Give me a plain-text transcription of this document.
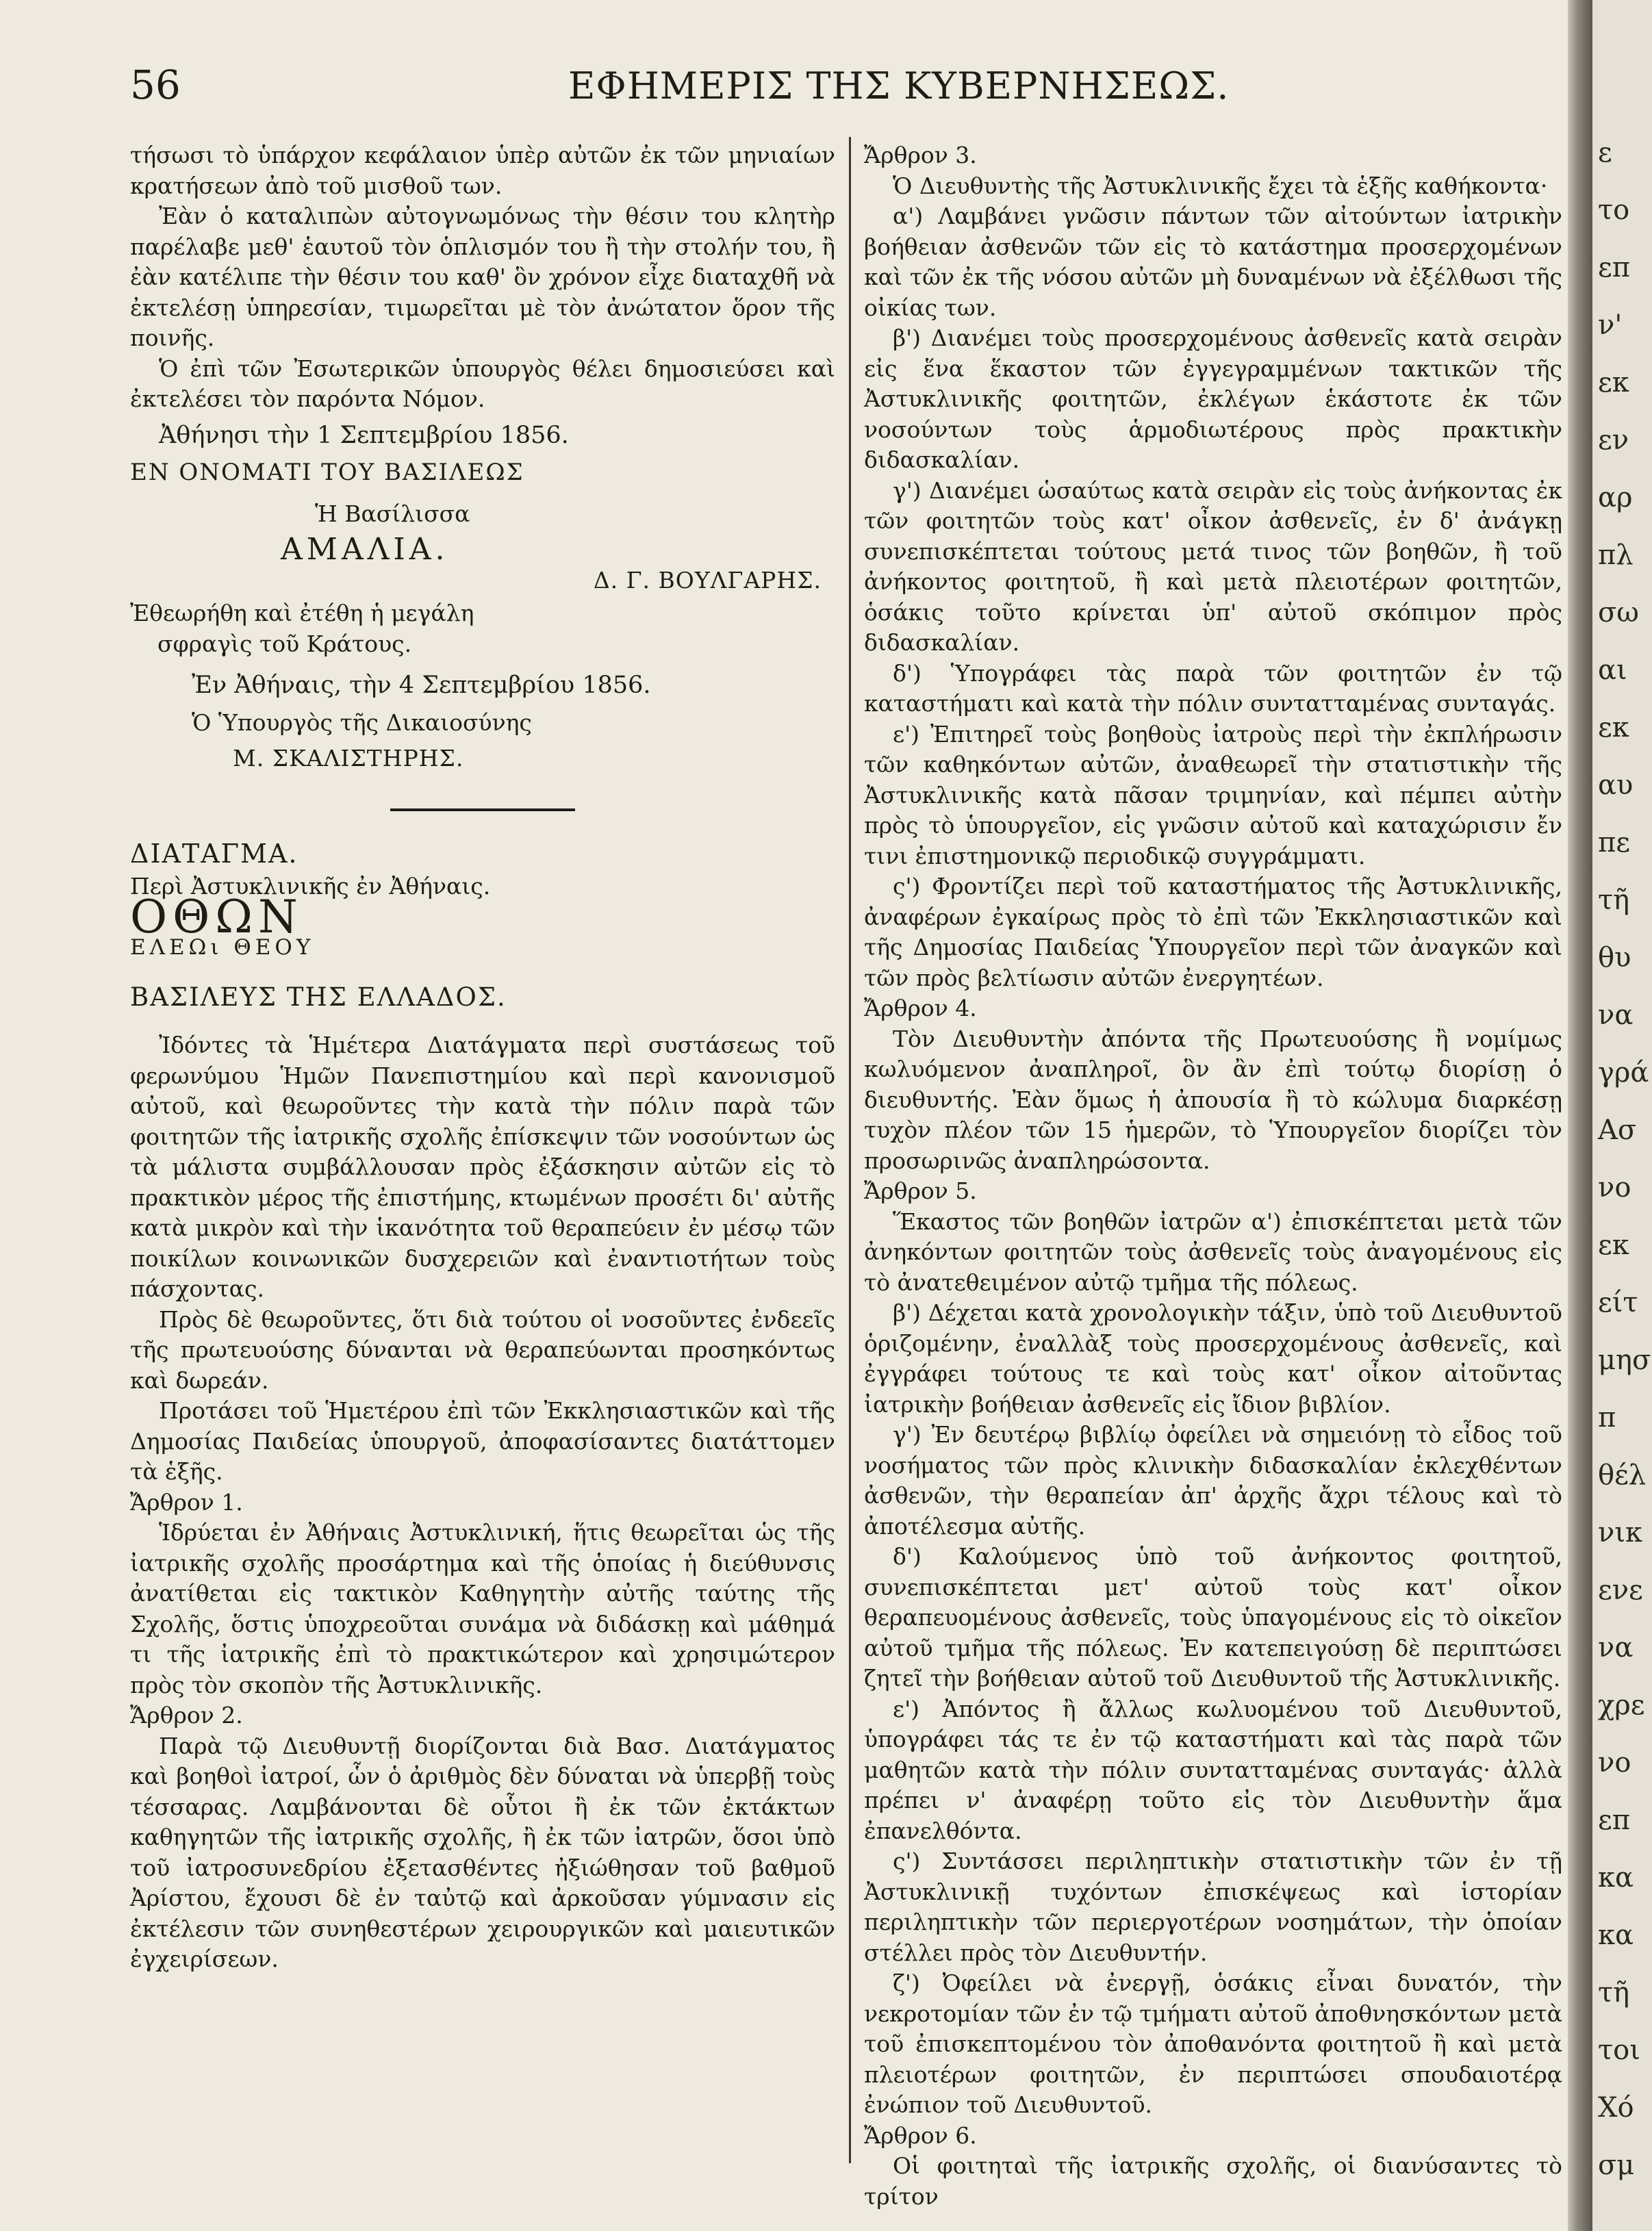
56	ΕΦΗΜΕΡΙΣ ΤΗΣ ΚΥΒΕΡΝΗΣΕΩΣ.

τήσωσι τὸ ὑπάρχον κεφάλαιον ὑπὲρ αὐτῶν ἐκ τῶν μηνιαίων κρατήσεων ἀπὸ τοῦ μισθοῦ των.

Ἐὰν ὁ καταλιπὼν αὐτογνωμόνως τὴν θέσιν του κλητὴρ παρέλαβε μεθ' ἑαυτοῦ τὸν ὁπλισμόν του ἢ τὴν στολήν του, ἢ ἐὰν κατέλιπε τὴν θέσιν του καθ' ὃν χρόνον εἶχε διαταχθῆ νὰ ἐκτελέσῃ ὑπηρεσίαν, τιμωρεῖται μὲ τὸν ἀνώτατον ὅρον τῆς ποινῆς.

Ὁ ἐπὶ τῶν Ἐσωτερικῶν ὑπουργὸς θέλει δημοσιεύσει καὶ ἐκτελέσει τὸν παρόντα Νόμον.

Ἀθήνησι τὴν 1 Σεπτεμβρίου 1856.

ΕΝ ΟΝΟΜΑΤΙ ΤΟΥ ΒΑΣΙΛΕΩΣ

Ἡ Βασίλισσα

ΑΜΑΛΙΑ.

Δ. Γ. ΒΟΥΛΓΑΡΗΣ.

Ἐθεωρήθη καὶ ἐτέθη ἡ μεγάλη

σφραγὶς τοῦ Κράτους.

Ἐν Ἀθήναις, τὴν 4 Σεπτεμβρίου 1856.

Ὁ Ὑπουργὸς τῆς Δικαιοσύνης

Μ. ΣΚΑΛΙΣΤΗΡΗΣ.

ΔΙΑΤΑΓΜΑ.

Περὶ Ἀστυκλινικῆς ἐν Ἀθήναις.

ΟΘΩΝ

ΕΛΕΩι ΘΕΟΥ

ΒΑΣΙΛΕΥΣ ΤΗΣ ΕΛΛΑΔΟΣ.

Ἰδόντες τὰ Ἡμέτερα Διατάγματα περὶ συστάσεως τοῦ φερωνύμου Ἡμῶν Πανεπιστημίου καὶ περὶ κανονισμοῦ αὐτοῦ, καὶ θεωροῦντες τὴν κατὰ τὴν πόλιν παρὰ τῶν φοιτητῶν τῆς ἰατρικῆς σχολῆς ἐπίσκεψιν τῶν νοσούντων ὡς τὰ μάλιστα συμβάλλουσαν πρὸς ἐξάσκησιν αὐτῶν εἰς τὸ πρακτικὸν μέρος τῆς ἐπιστήμης, κτωμένων προσέτι δι' αὐτῆς κατὰ μικρὸν καὶ τὴν ἱκανότητα τοῦ θεραπεύειν ἐν μέσῳ τῶν ποικίλων κοινωνικῶν δυσχερειῶν καὶ ἐναντιοτήτων τοὺς πάσχοντας.

Πρὸς δὲ θεωροῦντες, ὅτι διὰ τούτου οἱ νοσοῦντες ἐνδεεῖς τῆς πρωτευούσης δύνανται νὰ θεραπεύωνται προσηκόντως καὶ δωρεάν.

Προτάσει τοῦ Ἡμετέρου ἐπὶ τῶν Ἐκκλησιαστικῶν καὶ τῆς Δημοσίας Παιδείας ὑπουργοῦ, ἀποφασίσαντες διατάττομεν τὰ ἑξῆς.

Ἄρθρον 1.

Ἱδρύεται ἐν Ἀθήναις Ἀστυκλινική, ἥτις θεωρεῖται ὡς τῆς ἰατρικῆς σχολῆς προσάρτημα καὶ τῆς ὁποίας ἡ διεύθυνσις ἀνατίθεται εἰς τακτικὸν Καθηγητὴν αὐτῆς ταύτης τῆς Σχολῆς, ὅστις ὑποχρεοῦται συνάμα νὰ διδάσκῃ καὶ μάθημά τι τῆς ἰατρικῆς ἐπὶ τὸ πρακτικώτερον καὶ χρησιμώτερον πρὸς τὸν σκοπὸν τῆς Ἀστυκλινικῆς.

Ἄρθρον 2.

Παρὰ τῷ Διευθυντῇ διορίζονται διὰ Βασ. Διατάγματος καὶ βοηθοὶ ἰατροί, ὧν ὁ ἀριθμὸς δὲν δύναται νὰ ὑπερβῇ τοὺς τέσσαρας. Λαμβάνονται δὲ οὗτοι ἢ ἐκ τῶν ἐκτάκτων καθηγητῶν τῆς ἰατρικῆς σχολῆς, ἢ ἐκ τῶν ἰατρῶν, ὅσοι ὑπὸ τοῦ ἰατροσυνεδρίου ἐξετασθέντες ἠξιώθησαν τοῦ βαθμοῦ Ἀρίστου, ἔχουσι δὲ ἐν ταὐτῷ καὶ ἀρκοῦσαν γύμνασιν εἰς ἐκτέλεσιν τῶν συνηθεστέρων χειρουργικῶν καὶ μαιευτικῶν ἐγχειρίσεων.

Ἄρθρον 3.

Ὁ Διευθυντὴς τῆς Ἀστυκλινικῆς ἔχει τὰ ἑξῆς καθήκοντα·

α') Λαμβάνει γνῶσιν πάντων τῶν αἰτούντων ἰατρικὴν βοήθειαν ἀσθενῶν τῶν εἰς τὸ κατάστημα προσερχομένων καὶ τῶν ἐκ τῆς νόσου αὐτῶν μὴ δυναμένων νὰ ἐξέλθωσι τῆς οἰκίας των.

β') Διανέμει τοὺς προσερχομένους ἀσθενεῖς κατὰ σειρὰν εἰς ἕνα ἕκαστον τῶν ἐγγεγραμμένων τακτικῶν τῆς Ἀστυκλινικῆς φοιτητῶν, ἐκλέγων ἑκάστοτε ἐκ τῶν νοσούντων τοὺς ἁρμοδιωτέρους πρὸς πρακτικὴν διδασκαλίαν.

γ') Διανέμει ὡσαύτως κατὰ σειρὰν εἰς τοὺς ἀνήκοντας ἐκ τῶν φοιτητῶν τοὺς κατ' οἶκον ἀσθενεῖς, ἐν δ' ἀνάγκῃ συνεπισκέπτεται τούτους μετά τινος τῶν βοηθῶν, ἢ τοῦ ἀνήκοντος φοιτητοῦ, ἢ καὶ μετὰ πλειοτέρων φοιτητῶν, ὁσάκις τοῦτο κρίνεται ὑπ' αὐτοῦ σκόπιμον πρὸς διδασκαλίαν.

δ') Ὑπογράφει τὰς παρὰ τῶν φοιτητῶν ἐν τῷ καταστήματι καὶ κατὰ τὴν πόλιν συντατταμένας συνταγάς.

ε') Ἐπιτηρεῖ τοὺς βοηθοὺς ἰατροὺς περὶ τὴν ἐκπλήρωσιν τῶν καθηκόντων αὐτῶν, ἀναθεωρεῖ τὴν στατιστικὴν τῆς Ἀστυκλινικῆς κατὰ πᾶσαν τριμηνίαν, καὶ πέμπει αὐτὴν πρὸς τὸ ὑπουργεῖον, εἰς γνῶσιν αὐτοῦ καὶ καταχώρισιν ἔν τινι ἐπιστημονικῷ περιοδικῷ συγγράμματι.

ς') Φροντίζει περὶ τοῦ καταστήματος τῆς Ἀστυκλινικῆς, ἀναφέρων ἐγκαίρως πρὸς τὸ ἐπὶ τῶν Ἐκκλησιαστικῶν καὶ τῆς Δημοσίας Παιδείας Ὑπουργεῖον περὶ τῶν ἀναγκῶν καὶ τῶν πρὸς βελτίωσιν αὐτῶν ἐνεργητέων.

Ἄρθρον 4.

Τὸν Διευθυντὴν ἀπόντα τῆς Πρωτευούσης ἢ νομίμως κωλυόμενον ἀναπληροῖ, ὃν ἂν ἐπὶ τούτῳ διορίσῃ ὁ διευθυντής. Ἐὰν ὅμως ἡ ἀπουσία ἢ τὸ κώλυμα διαρκέσῃ τυχὸν πλέον τῶν 15 ἡμερῶν, τὸ Ὑπουργεῖον διορίζει τὸν προσωρινῶς ἀναπληρώσοντα.

Ἄρθρον 5.

Ἕκαστος τῶν βοηθῶν ἰατρῶν α') ἐπισκέπτεται μετὰ τῶν ἀνηκόντων φοιτητῶν τοὺς ἀσθενεῖς τοὺς ἀναγομένους εἰς τὸ ἀνατεθειμένον αὐτῷ τμῆμα τῆς πόλεως.

β') Δέχεται κατὰ χρονολογικὴν τάξιν, ὑπὸ τοῦ Διευθυντοῦ ὁριζομένην, ἐναλλὰξ τοὺς προσερχομένους ἀσθενεῖς, καὶ ἐγγράφει τούτους τε καὶ τοὺς κατ' οἶκον αἰτοῦντας ἰατρικὴν βοήθειαν ἀσθενεῖς εἰς ἴδιον βιβλίον.

γ') Ἐν δευτέρῳ βιβλίῳ ὀφείλει νὰ σημειόνῃ τὸ εἶδος τοῦ νοσήματος τῶν πρὸς κλινικὴν διδασκαλίαν ἐκλεχθέντων ἀσθενῶν, τὴν θεραπείαν ἀπ' ἀρχῆς ἄχρι τέλους καὶ τὸ ἀποτέλεσμα αὐτῆς.

δ') Καλούμενος ὑπὸ τοῦ ἀνήκοντος φοιτητοῦ, συνεπισκέπτεται μετ' αὐτοῦ τοὺς κατ' οἶκον θεραπευομένους ἀσθενεῖς, τοὺς ὑπαγομένους εἰς τὸ οἰκεῖον αὐτοῦ τμῆμα τῆς πόλεως. Ἐν κατεπειγούσῃ δὲ περιπτώσει ζητεῖ τὴν βοήθειαν αὐτοῦ τοῦ Διευθυντοῦ τῆς Ἀστυκλινικῆς.

ε') Ἀπόντος ἢ ἄλλως κωλυομένου τοῦ Διευθυντοῦ, ὑπογράφει τάς τε ἐν τῷ καταστήματι καὶ τὰς παρὰ τῶν μαθητῶν κατὰ τὴν πόλιν συντατταμένας συνταγάς· ἀλλὰ πρέπει ν' ἀναφέρῃ τοῦτο εἰς τὸν Διευθυντὴν ἅμα ἐπανελθόντα.

ς') Συντάσσει περιληπτικὴν στατιστικὴν τῶν ἐν τῇ Ἀστυκλινικῇ τυχόντων ἐπισκέψεως καὶ ἱστορίαν περιληπτικὴν τῶν περιεργοτέρων νοσημάτων, τὴν ὁποίαν στέλλει πρὸς τὸν Διευθυντήν.

ζ') Ὀφείλει νὰ ἐνεργῇ, ὁσάκις εἶναι δυνατόν, τὴν νεκροτομίαν τῶν ἐν τῷ τμήματι αὐτοῦ ἀποθνησκόντων μετὰ τοῦ ἐπισκεπτομένου τὸν ἀποθανόντα φοιτητοῦ ἢ καὶ μετὰ πλειοτέρων φοιτητῶν, ἐν περιπτώσει σπουδαιοτέρᾳ ἐνώπιον τοῦ Διευθυντοῦ.

Ἄρθρον 6.

Οἱ φοιτηταὶ τῆς ἰατρικῆς σχολῆς, οἱ διανύσαντες τὸ τρίτον

ε
το
επ
ν'
εκ
εν
αρ
πλ
σω
αι
εκ
αυ
πε
τῆ
θυ
να
γρά
Ασ
νο
εκ
είτ
μησ
π
θέλ
νικ
ενε
να
χρε
νο
επ
κα
κα
τῆ
τοι
Χό
σμ
